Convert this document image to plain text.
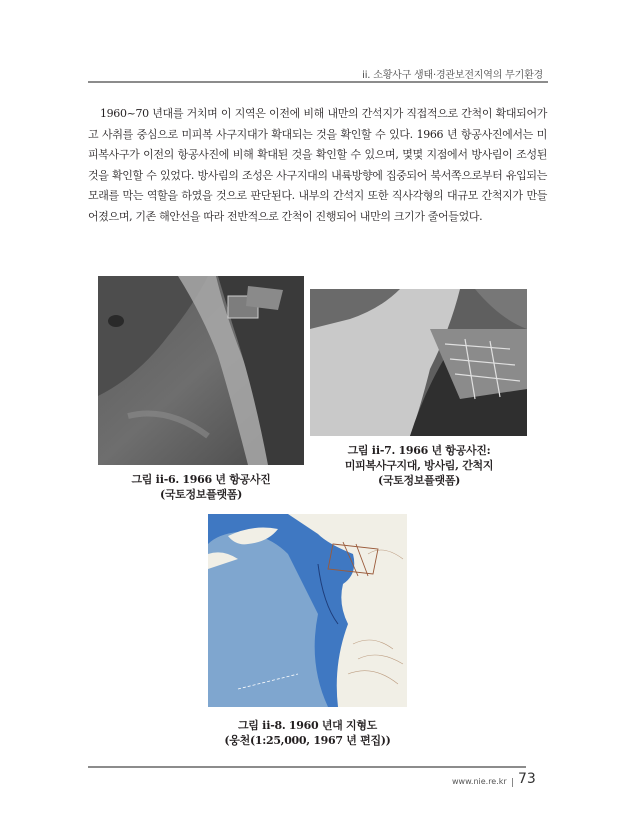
ii. 소황사구 생태·경관보전지역의 무기환경

1960~70 년대를 거치며 이 지역은 이전에 비해 내만의 간석지가 직접적으로 간척이 확대되어가고 사취를 중심으로 미피복 사구지대가 확대되는 것을 확인할 수 있다. 1966 년 항공사진에서는 미피복사구가 이전의 항공사진에 비해 확대된 것을 확인할 수 있으며, 몇몇 지점에서 방사림이 조성된 것을 확인할 수 있었다. 방사림의 조성은 사구지대의 내륙방향에 집중되어 북서쪽으로부터 유입되는 모래를 막는 역할을 하였을 것으로 판단된다. 내부의 간석지 또한 직사각형의 대규모 간척지가 만들어졌으며, 기존 해안선을 따라 전반적으로 간척이 진행되어 내만의 크기가 줄어들었다.

그림 ⅱ-6. 1966 년 항공사진
(국토정보플랫폼)
그림 ⅱ-7. 1966 년 항공사진:
미피복사구지대, 방사림, 간척지
(국토정보플랫폼)
그림 ⅱ-8. 1960 년대 지형도
(웅천(1:25,000, 1967 년 편집))
www.nie.re.kr 73
